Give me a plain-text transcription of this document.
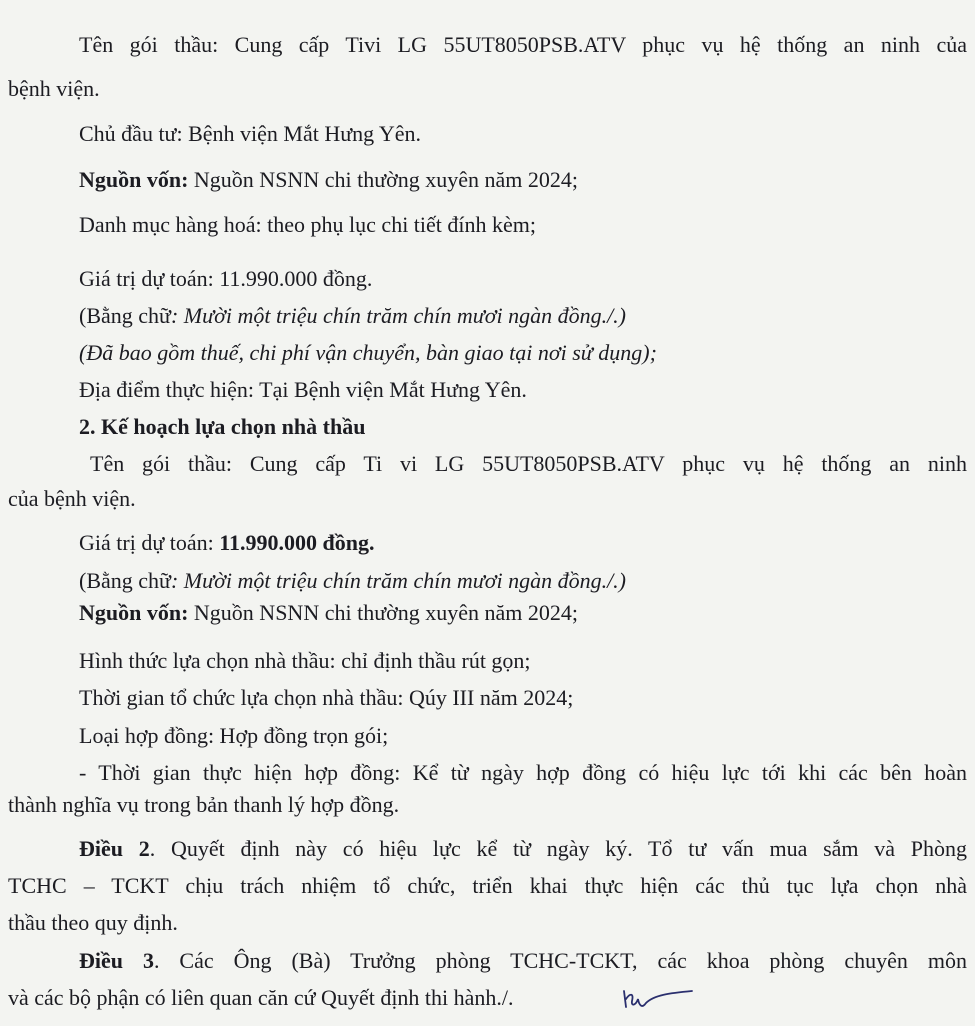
Tên gói thầu: Cung cấp Tivi LG 55UT8050PSB.ATV phục vụ hệ thống an ninh của

bệnh viện.

Chủ đầu tư: Bệnh viện Mắt Hưng Yên.

Nguồn vốn: Nguồn NSNN chi thường xuyên năm 2024;

Danh mục hàng hoá: theo phụ lục chi tiết đính kèm;

Giá trị dự toán: 11.990.000 đồng.

(Bằng chữ: Mười một triệu chín trăm chín mươi ngàn đồng./.)

(Đã bao gồm thuế, chi phí vận chuyển, bàn giao tại nơi sử dụng);

Địa điểm thực hiện: Tại Bệnh viện Mắt Hưng Yên.

2. Kế hoạch lựa chọn nhà thầu

Tên gói thầu: Cung cấp Ti vi LG 55UT8050PSB.ATV phục vụ hệ thống an ninh

của bệnh viện.

Giá trị dự toán: 11.990.000 đồng.

(Bằng chữ: Mười một triệu chín trăm chín mươi ngàn đồng./.)

Nguồn vốn: Nguồn NSNN chi thường xuyên năm 2024;

Hình thức lựa chọn nhà thầu: chỉ định thầu rút gọn;

Thời gian tổ chức lựa chọn nhà thầu: Qúy III năm 2024;

Loại hợp đồng: Hợp đồng trọn gói;

- Thời gian thực hiện hợp đồng: Kể từ ngày hợp đồng có hiệu lực tới khi các bên hoàn

thành nghĩa vụ trong bản thanh lý hợp đồng.

Điều 2. Quyết định này có hiệu lực kể từ ngày ký. Tổ tư vấn mua sắm và Phòng

TCHC – TCKT chịu trách nhiệm tổ chức, triển khai thực hiện các thủ tục lựa chọn nhà

thầu theo quy định.

Điều 3. Các Ông (Bà) Trưởng phòng TCHC-TCKT, các khoa phòng chuyên môn

và các bộ phận có liên quan căn cứ Quyết định thi hành./.
